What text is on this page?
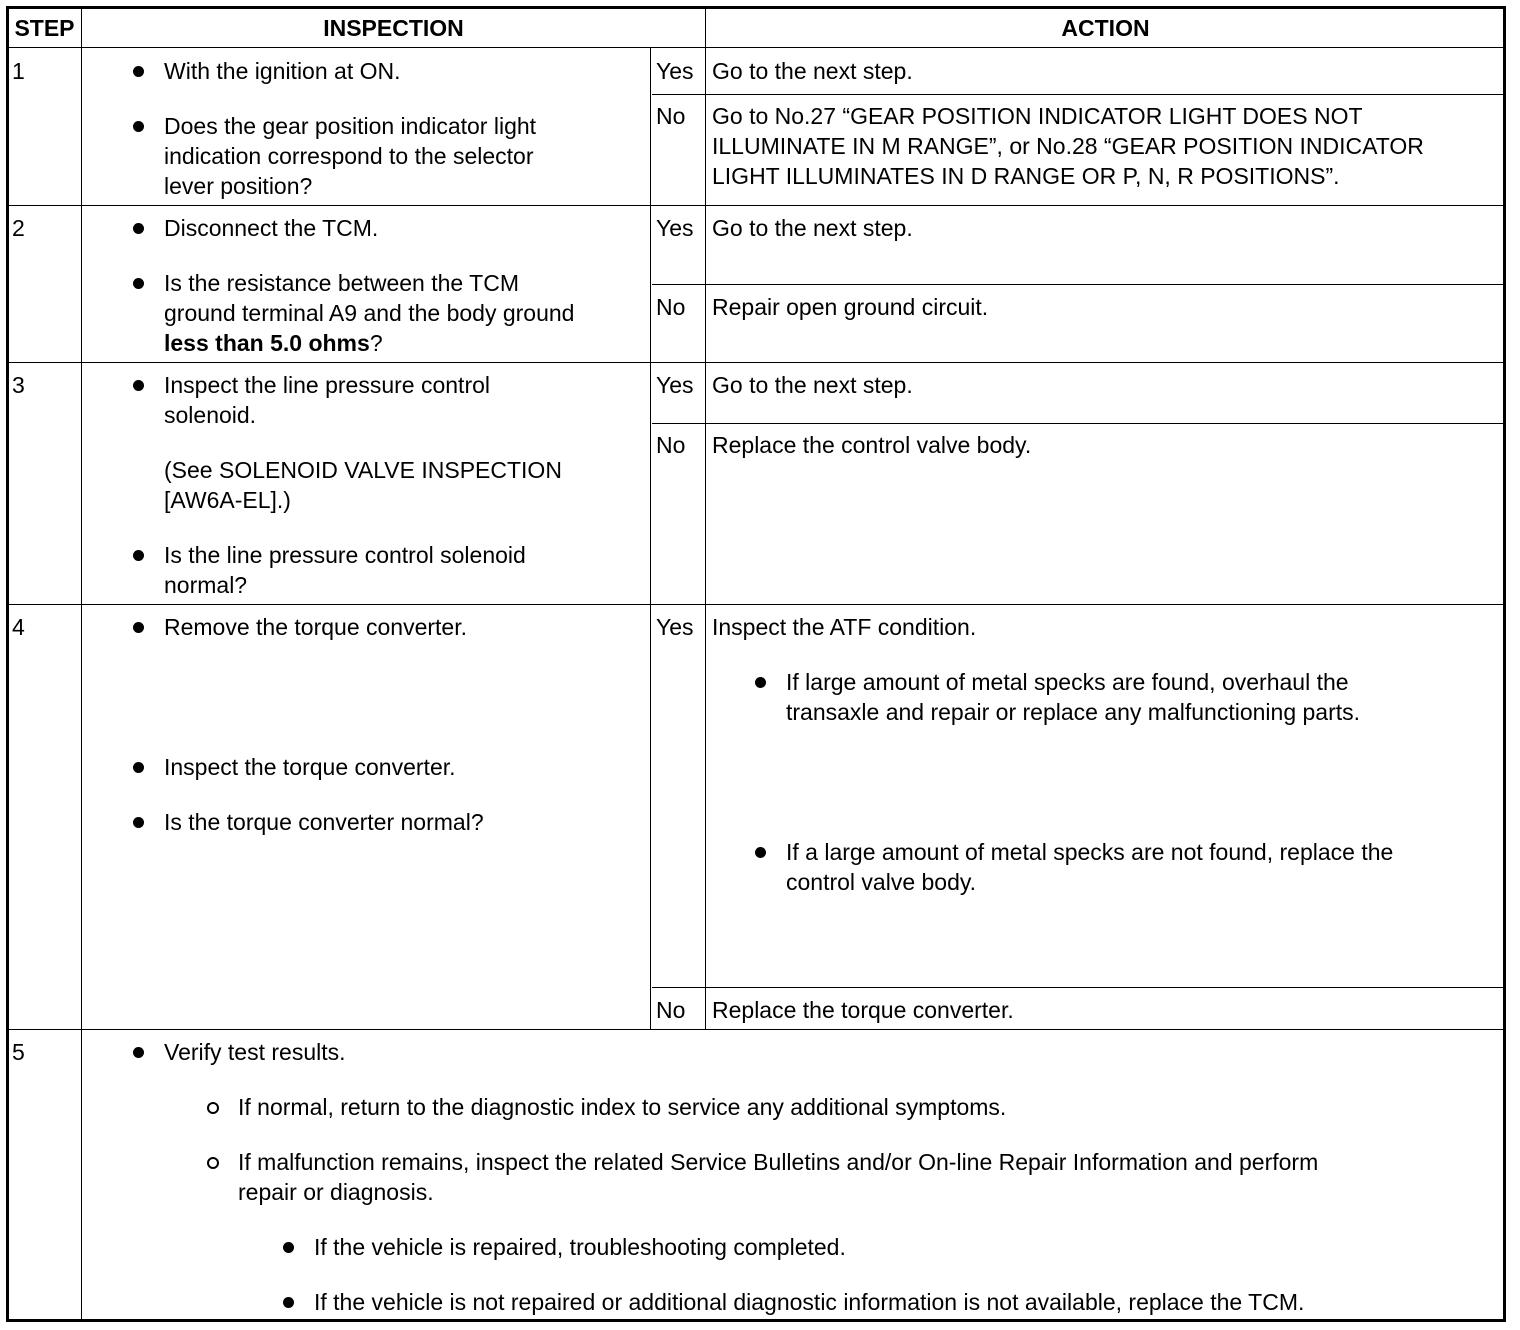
STEP	INSPECTION	ACTION
1	With the ignition at ON.
Does the gear position indicator light
indication correspond to the selector
lever position?
Yes Go to the next step.
No Go to No.27 “GEAR POSITION INDICATOR LIGHT DOES NOT
ILLUMINATE IN M RANGE”, or No.28 “GEAR POSITION INDICATOR
LIGHT ILLUMINATES IN D RANGE OR P, N, R POSITIONS”.
2	Disconnect the TCM.
Is the resistance between the TCM
ground terminal A9 and the body ground
less than 5.0 ohms?
Yes Go to the next step.
No Repair open ground circuit.
3	Inspect the line pressure control
solenoid.
(See SOLENOID VALVE INSPECTION
[AW6A-EL].)
Is the line pressure control solenoid
normal?
Yes Go to the next step.
No Replace the control valve body.
4	Remove the torque converter.
Inspect the torque converter.
Is the torque converter normal?
Yes Inspect the ATF condition.
If large amount of metal specks are found, overhaul the
transaxle and repair or replace any malfunctioning parts.
If a large amount of metal specks are not found, replace the
control valve body.
No Replace the torque converter.
5	Verify test results.
If normal, return to the diagnostic index to service any additional symptoms.
If malfunction remains, inspect the related Service Bulletins and/or On-line Repair Information and perform
repair or diagnosis.
If the vehicle is repaired, troubleshooting completed.
If the vehicle is not repaired or additional diagnostic information is not available, replace the TCM.
